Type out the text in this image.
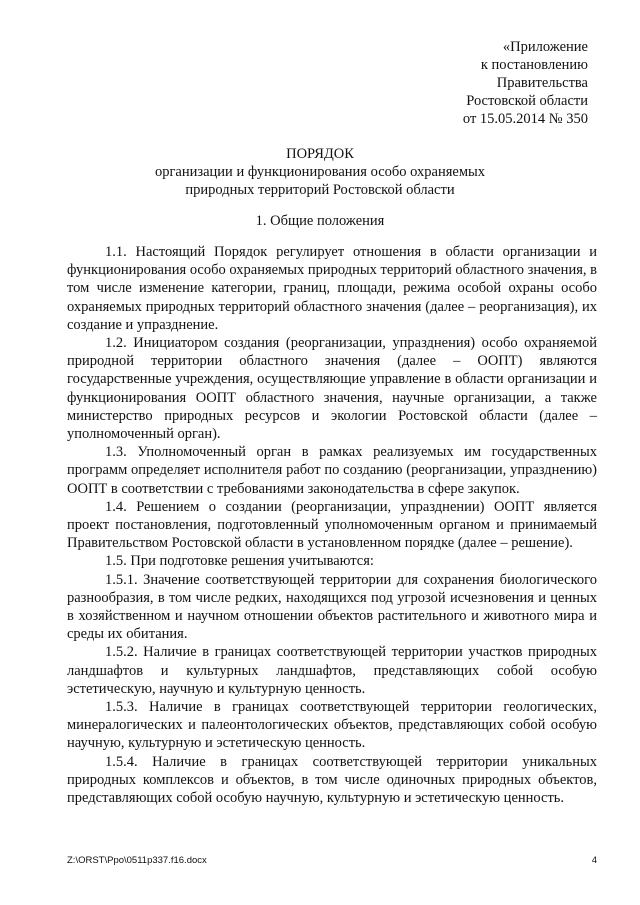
«Приложение
к постановлению
Правительства
Ростовской области
от 15.05.2014 № 350
ПОРЯДОК
организации и функционирования особо охраняемых
природных территорий Ростовской области
1. Общие положения

1.1. Настоящий Порядок регулирует отношения в области организации и функционирования особо охраняемых природных территорий областного значения, в том числе изменение категории, границ, площади, режима особой охраны особо охраняемых природных территорий областного значения (далее – реорганизация), их создание и упразднение.

1.2. Инициатором создания (реорганизации, упразднения) особо охраняемой природной территории областного значения (далее – ООПТ) являются государственные учреждения, осуществляющие управление в области организации и функционирования ООПТ областного значения, научные организации, а также министерство природных ресурсов и экологии Ростовской области (далее – уполномоченный орган).

1.3. Уполномоченный орган в рамках реализуемых им государственных программ определяет исполнителя работ по созданию (реорганизации, упразднению) ООПТ в соответствии с требованиями законодательства в сфере закупок.

1.4. Решением о создании (реорганизации, упразднении) ООПТ является проект постановления, подготовленный уполномоченным органом и принимаемый Правительством Ростовской области в установленном порядке (далее – решение).

1.5. При подготовке решения учитываются:

1.5.1. Значение соответствующей территории для сохранения биологического разнообразия, в том числе редких, находящихся под угрозой исчезновения и ценных в хозяйственном и научном отношении объектов растительного и животного мира и среды их обитания.

1.5.2. Наличие в границах соответствующей территории участков природных ландшафтов и культурных ландшафтов, представляющих собой особую эстетическую, научную и культурную ценность.

1.5.3. Наличие в границах соответствующей территории геологических, минералогических и палеонтологических объектов, представляющих собой особую научную, культурную и эстетическую ценность.

1.5.4. Наличие в границах соответствующей территории уникальных природных комплексов и объектов, в том числе одиночных природных объектов, представляющих собой особую научную, культурную и эстетическую ценность.

Z:\ORST\Ppo\0511p337.f16.docx	4
